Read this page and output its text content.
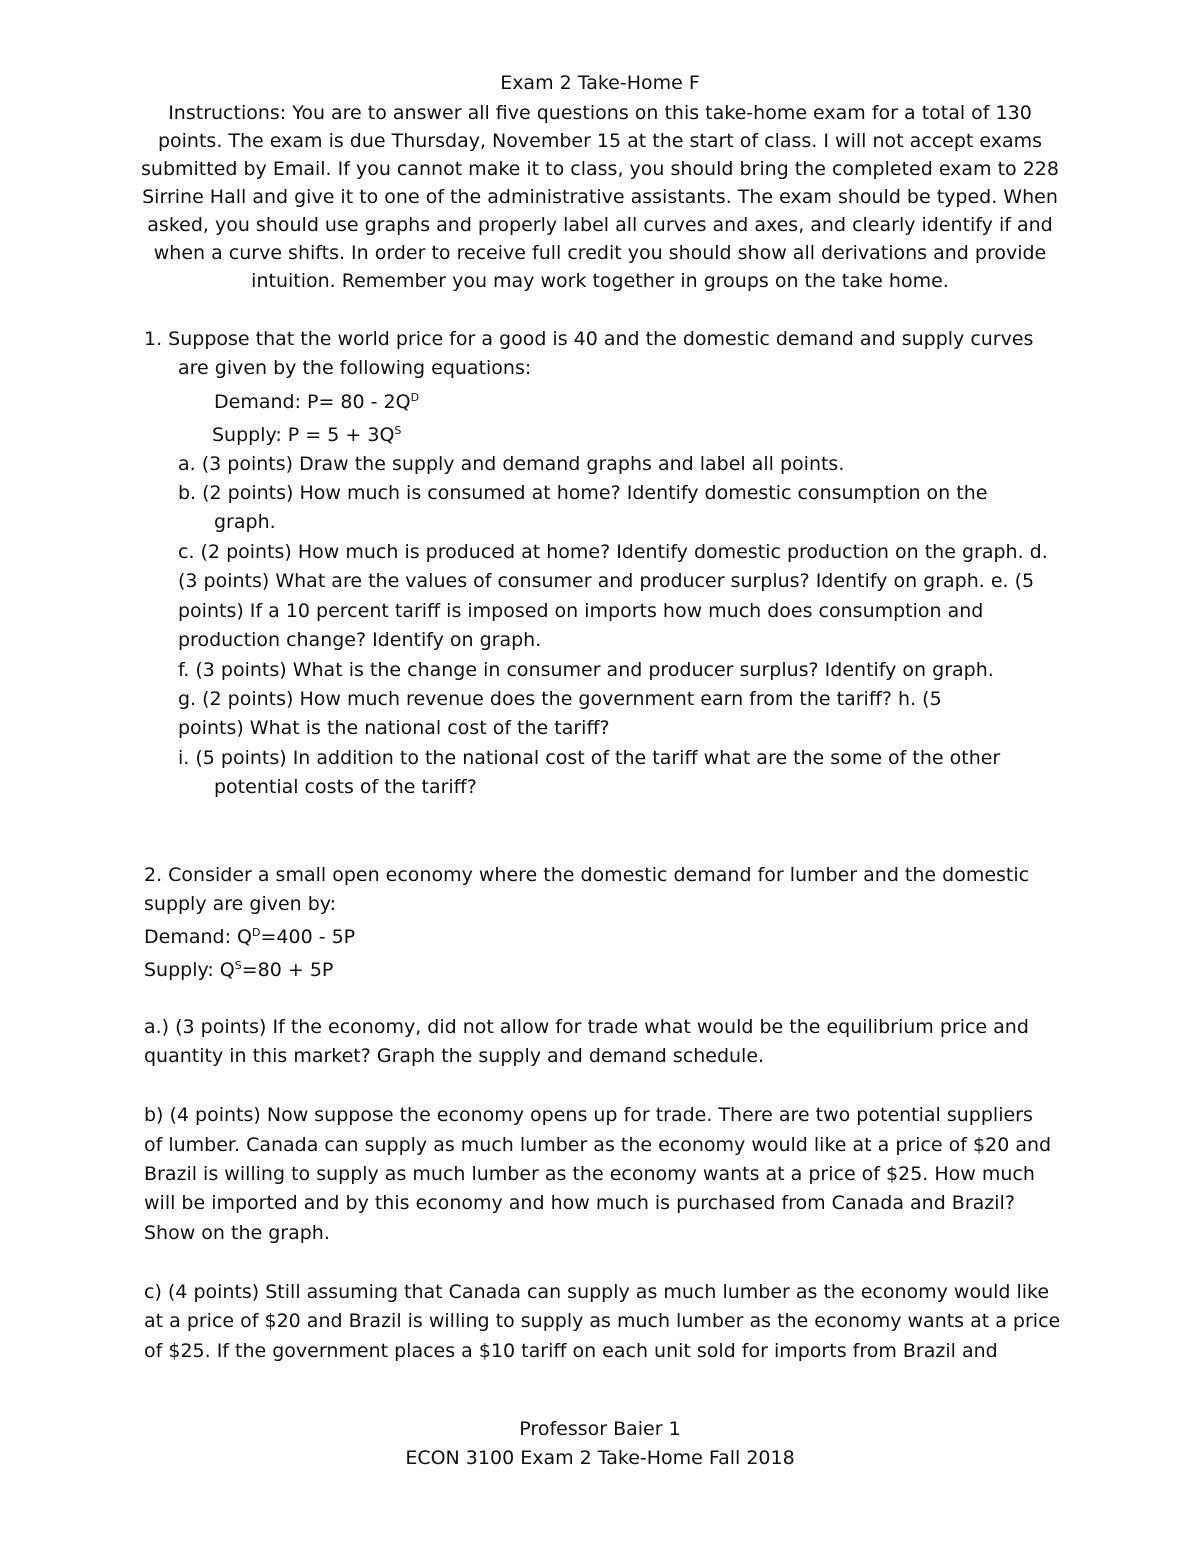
Exam 2 Take-Home F
Instructions: You are to answer all five questions on this take-home exam for a total of 130
points. The exam is due Thursday, November 15 at the start of class. I will not accept exams
submitted by Email. If you cannot make it to class, you should bring the completed exam to 228
Sirrine Hall and give it to one of the administrative assistants. The exam should be typed. When
asked, you should use graphs and properly label all curves and axes, and clearly identify if and
when a curve shifts. In order to receive full credit you should show all derivations and provide
intuition. Remember you may work together in groups on the take home.
1. Suppose that the world price for a good is 40 and the domestic demand and supply curves
are given by the following equations:
Demand: $P= 80 - 2Q^D$
Supply: $P = 5 + 3Q^S$
a. (3 points) Draw the supply and demand graphs and label all points.
b. (2 points) How much is consumed at home? Identify domestic consumption on the
graph.
c. (2 points) How much is produced at home? Identify domestic production on the graph. d.
(3 points) What are the values of consumer and producer surplus? Identify on graph. e. (5
points) If a 10 percent tariff is imposed on imports how much does consumption and
production change? Identify on graph.
f. (3 points) What is the change in consumer and producer surplus? Identify on graph.
g. (2 points) How much revenue does the government earn from the tariff? h. (5
points) What is the national cost of the tariff?
i. (5 points) In addition to the national cost of the tariff what are the some of the other
potential costs of the tariff?
2. Consider a small open economy where the domestic demand for lumber and the domestic
supply are given by:
Demand: $Q^D=400 - 5P$
Supply: $Q^S=80 + 5P$
a.) (3 points) If the economy, did not allow for trade what would be the equilibrium price and
quantity in this market? Graph the supply and demand schedule.
b) (4 points) Now suppose the economy opens up for trade. There are two potential suppliers
of lumber. Canada can supply as much lumber as the economy would like at a price of $20 and
Brazil is willing to supply as much lumber as the economy wants at a price of $25. How much
will be imported and by this economy and how much is purchased from Canada and Brazil?
Show on the graph.
c) (4 points) Still assuming that Canada can supply as much lumber as the economy would like
at a price of $20 and Brazil is willing to supply as much lumber as the economy wants at a price
of $25. If the government places a $10 tariff on each unit sold for imports from Brazil and
Professor Baier 1
ECON 3100 Exam 2 Take-Home Fall 2018
